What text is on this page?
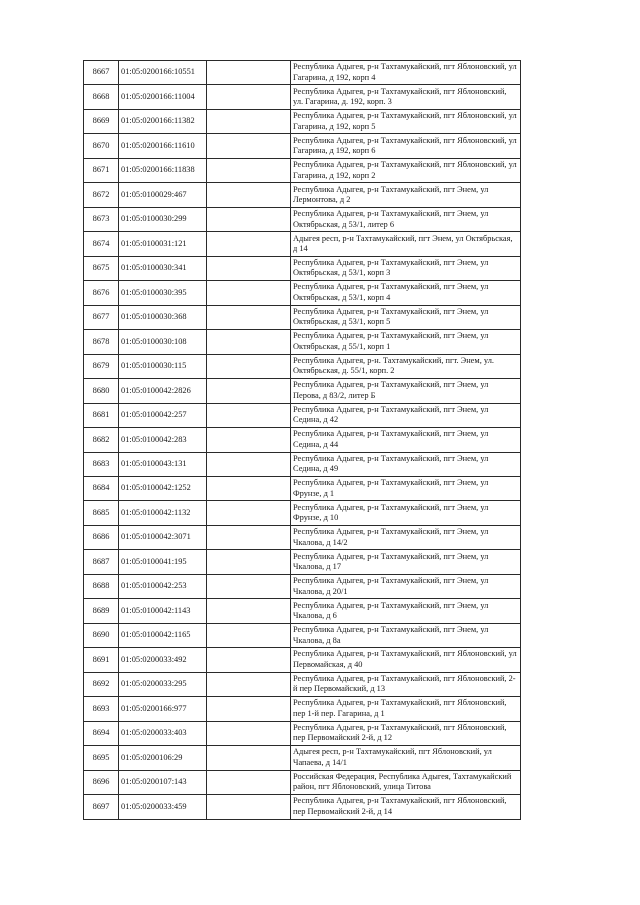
8667	01:05:0200166:10551		Республика Адыгея, р-н Тахтамукайский, пгт Яблоновский, ул Гагарина, д 192, корп 4
8668	01:05:0200166:11004		Республика Адыгея, р-н Тахтамукайский, пгт Яблоновский, ул. Гагарина, д. 192, корп. 3
8669	01:05:0200166:11382		Республика Адыгея, р-н Тахтамукайский, пгт Яблоновский, ул Гагарина, д 192, корп 5
8670	01:05:0200166:11610		Республика Адыгея, р-н Тахтамукайский, пгт Яблоновский, ул Гагарина, д 192, корп 6
8671	01:05:0200166:11838		Республика Адыгея, р-н Тахтамукайский, пгт Яблоновский, ул Гагарина, д 192, корп 2
8672	01:05:0100029:467		Республика Адыгея, р-н Тахтамукайский, пгт Энем, ул Лермонтова, д 2
8673	01:05:0100030:299		Республика Адыгея, р-н Тахтамукайский, пгт Энем, ул Октябрьская, д 53/1, литер 6
8674	01:05:0100031:121		Адыгея респ, р-н Тахтамукайский, пгт Энем, ул Октябрьская, д 14
8675	01:05:0100030:341		Республика Адыгея, р-н Тахтамукайский, пгт Энем, ул Октябрьская, д 53/1, корп 3
8676	01:05:0100030:395		Республика Адыгея, р-н Тахтамукайский, пгт Энем, ул Октябрьская, д 53/1, корп 4
8677	01:05:0100030:368		Республика Адыгея, р-н Тахтамукайский, пгт Энем, ул Октябрьская, д 53/1, корп 5
8678	01:05:0100030:108		Республика Адыгея, р-н Тахтамукайский, пгт Энем, ул Октябрьская, д 55/1, корп 1
8679	01:05:0100030:115		Республика Адыгея, р-н. Тахтамукайский, пгт. Энем, ул. Октябрьская, д. 55/1, корп. 2
8680	01:05:0100042:2826		Республика Адыгея, р-н Тахтамукайский, пгт Энем, ул Перова, д 83/2, литер Б
8681	01:05:0100042:257		Республика Адыгея, р-н Тахтамукайский, пгт Энем, ул Седина, д 42
8682	01:05:0100042:283		Республика Адыгея, р-н Тахтамукайский, пгт Энем, ул Седина, д 44
8683	01:05:0100043:131		Республика Адыгея, р-н Тахтамукайский, пгт Энем, ул Седина, д 49
8684	01:05:0100042:1252		Республика Адыгея, р-н Тахтамукайский, пгт Энем, ул Фрунзе, д 1
8685	01:05:0100042:1132		Республика Адыгея, р-н Тахтамукайский, пгт Энем, ул Фрунзе, д 10
8686	01:05:0100042:3071		Республика Адыгея, р-н Тахтамукайский, пгт Энем, ул Чкалова, д 14/2
8687	01:05:0100041:195		Республика Адыгея, р-н Тахтамукайский, пгт Энем, ул Чкалова, д 17
8688	01:05:0100042:253		Республика Адыгея, р-н Тахтамукайский, пгт Энем, ул Чкалова, д 20/1
8689	01:05:0100042:1143		Республика Адыгея, р-н Тахтамукайский, пгт Энем, ул Чкалова, д 6
8690	01:05:0100042:1165		Республика Адыгея, р-н Тахтамукайский, пгт Энем, ул Чкалова, д 8а
8691	01:05:0200033:492		Республика Адыгея, р-н Тахтамукайский, пгт Яблоновский, ул Первомайская, д 40
8692	01:05:0200033:295		Республика Адыгея, р-н Тахтамукайский, пгт Яблоновский, 2-й пер Первомайский, д 13
8693	01:05:0200166:977		Республика Адыгея, р-н Тахтамукайский, пгт Яблоновский, пер 1-й пер. Гагарина, д 1
8694	01:05:0200033:403		Республика Адыгея, р-н Тахтамукайский, пгт Яблоновский, пер Первомайский 2-й, д 12
8695	01:05:0200106:29		Адыгея респ, р-н Тахтамукайский, пгт Яблоновский, ул Чапаева, д 14/1
8696	01:05:0200107:143		Российская Федерация, Республика Адыгея, Тахтамукайский район, пгт Яблоновский, улица Титова
8697	01:05:0200033:459		Республика Адыгея, р-н Тахтамукайский, пгт Яблоновский, пер Первомайский 2-й, д 14
